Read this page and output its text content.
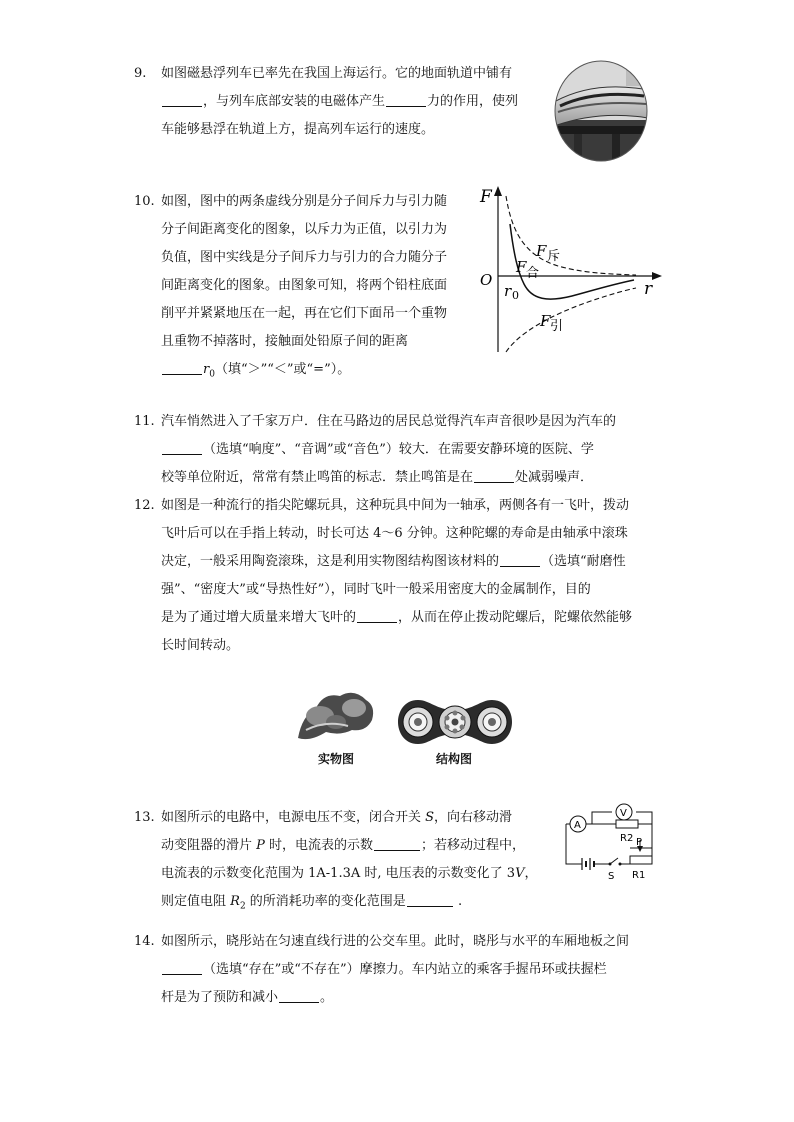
9.	如图磁悬浮列车已率先在我国上海运行。它的地面轨道中铺有
，与列车底部安装的电磁体产生	力的作用，使列
车能够悬浮在轨道上方，提高列车运行的速度。
10. 如图，图中的两条虚线分别是分子间斥力与引力随
分子间距离变化的图象，以斥力为正值，以引力为
负值，图中实线是分子间斥力与引力的合力随分子
间距离变化的图象。由图象可知，将两个铅柱底面
削平并紧紧地压在一起，再在它们下面吊一个重物
且重物不掉落时，接触面处铅原子间的距离
$r_0$（填“＞”“＜”或“=”）。
F
r
O
F 斥
F 合
r 0
F 引
11. 汽车悄然进入了千家万户．住在马路边的居民总觉得汽车声音很吵是因为汽车的
（选填“响度”、“音调”或“音色”）较大．在需要安静环境的医院、学
校等单位附近，常常有禁止鸣笛的标志．禁止鸣笛是在	处减弱噪声．
12. 如图是一种流行的指尖陀螺玩具，这种玩具中间为一轴承，两侧各有一飞叶，拨动
飞叶后可以在手指上转动，时长可达 4～6 分钟。这种陀螺的寿命是由轴承中滚珠
决定，一般采用陶瓷滚珠，这是利用实物图结构图该材料的	（选填“耐磨性
强”、“密度大”或“导热性好”），同时飞叶一般采用密度大的金属制作，目的
是为了通过增大质量来增大飞叶的	，从而在停止拨动陀螺后，陀螺依然能够
长时间转动。
实物图	结构图
13. 如图所示的电路中，电源电压不变，闭合开关 S，向右移动滑
动变阻器的滑片 P 时，电流表的示数	；若移动过程中，
电流表的示数变化范围为 1A-1.3A 时, 电压表的示数变化了 3V，
则定值电阻 $R_2$ 的所消耗功率的变化范围是	.
V
A
R2
S
P
R1
14. 如图所示，晓彤站在匀速直线行进的公交车里。此时，晓彤与水平的车厢地板之间
（选填“存在”或“不存在”）摩擦力。车内站立的乘客手握吊环或扶握栏
杆是为了预防和减小	。
